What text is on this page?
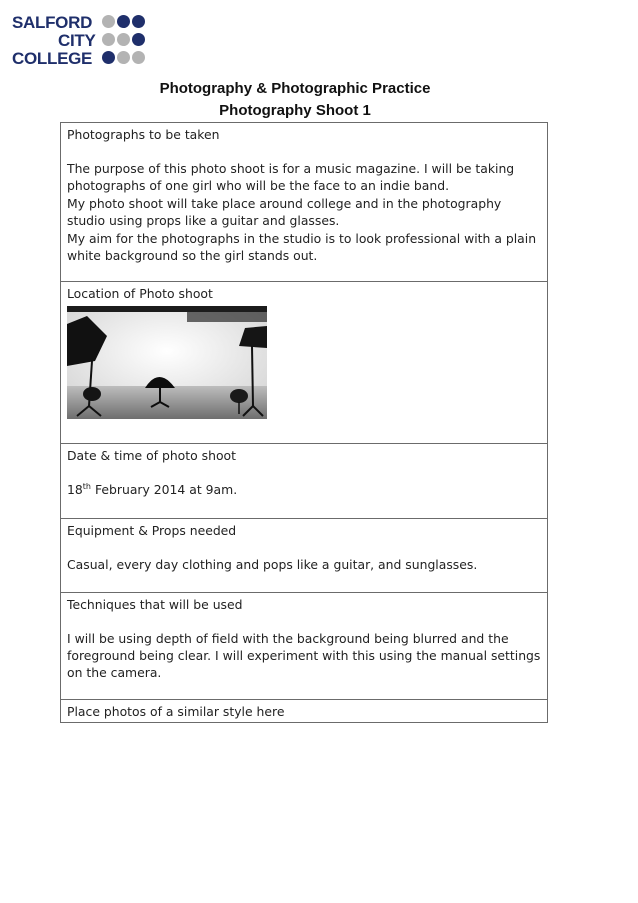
SALFORD
CITY
COLLEGE
Photography & Photographic Practice
Photography Shoot 1
Photographs to be taken

The purpose of this photo shoot is for a music magazine. I will be taking photographs of one girl who will be the face to an indie band.

My photo shoot will take place around college and in the photography studio using props like a guitar and glasses.

My aim for the photographs in the studio is to look professional with a plain white background so the girl stands out.

Location of Photo shoot
Date & time of photo shoot
18th February 2014 at 9am.
Equipment & Props needed
Casual, every day clothing and pops like a guitar, and sunglasses.
Techniques that will be used
I will be using depth of field with the background being blurred and the foreground being clear. I will experiment with this using the manual settings on the camera.
Place photos of a similar style here
